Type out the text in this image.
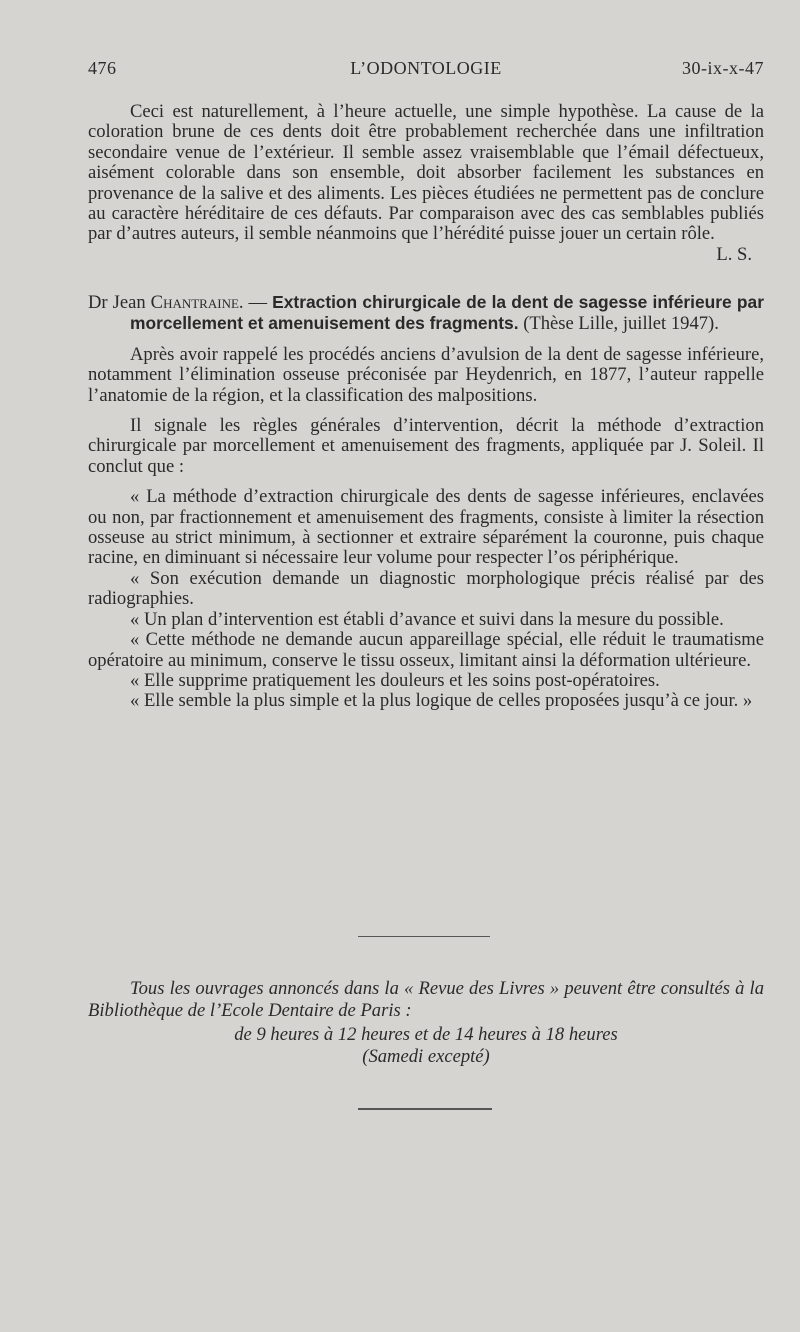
476	L’ODONTOLOGIE	30-ix-x-47

Ceci est naturellement, à l’heure actuelle, une simple hypothèse. La cause de la coloration brune de ces dents doit être probablement recherchée dans une infiltration secondaire venue de l’extérieur. Il semble assez vraisemblable que l’émail défectueux, aisément colorable dans son ensemble, doit absorber facilement les substances en provenance de la salive et des aliments. Les pièces étudiées ne permettent pas de conclure au caractère héréditaire de ces défauts. Par comparaison avec des cas semblables publiés par d’autres auteurs, il semble néanmoins que l’hérédité puisse jouer un certain rôle.

L. S.

Dr Jean Chantraine. — Extraction chirurgicale de la dent de sagesse inférieure par morcellement et amenuisement des fragments. (Thèse Lille, juillet 1947).

Après avoir rappelé les procédés anciens d’avulsion de la dent de sagesse inférieure, notamment l’élimination osseuse préconisée par Heydenrich, en 1877, l’auteur rappelle l’anatomie de la région, et la classification des malpositions.

Il signale les règles générales d’intervention, décrit la méthode d’extraction chirurgicale par morcellement et amenuisement des fragments, appliquée par J. Soleil. Il conclut que :

« La méthode d’extraction chirurgicale des dents de sagesse inférieures, enclavées ou non, par fractionnement et amenuisement des fragments, consiste à limiter la résection osseuse au strict minimum, à sectionner et extraire séparément la couronne, puis chaque racine, en diminuant si nécessaire leur volume pour respecter l’os périphérique.

« Son exécution demande un diagnostic morphologique précis réalisé par des radiographies.

« Un plan d’intervention est établi d’avance et suivi dans la mesure du possible.

« Cette méthode ne demande aucun appareillage spécial, elle réduit le traumatisme opératoire au minimum, conserve le tissu osseux, limitant ainsi la déformation ultérieure.

« Elle supprime pratiquement les douleurs et les soins post-opératoires.

« Elle semble la plus simple et la plus logique de celles proposées jusqu’à ce jour. »

Tous les ouvrages annoncés dans la « Revue des Livres » peuvent être consultés à la Bibliothèque de l’Ecole Dentaire de Paris :

de 9 heures à 12 heures et de 14 heures à 18 heures

(Samedi excepté)
